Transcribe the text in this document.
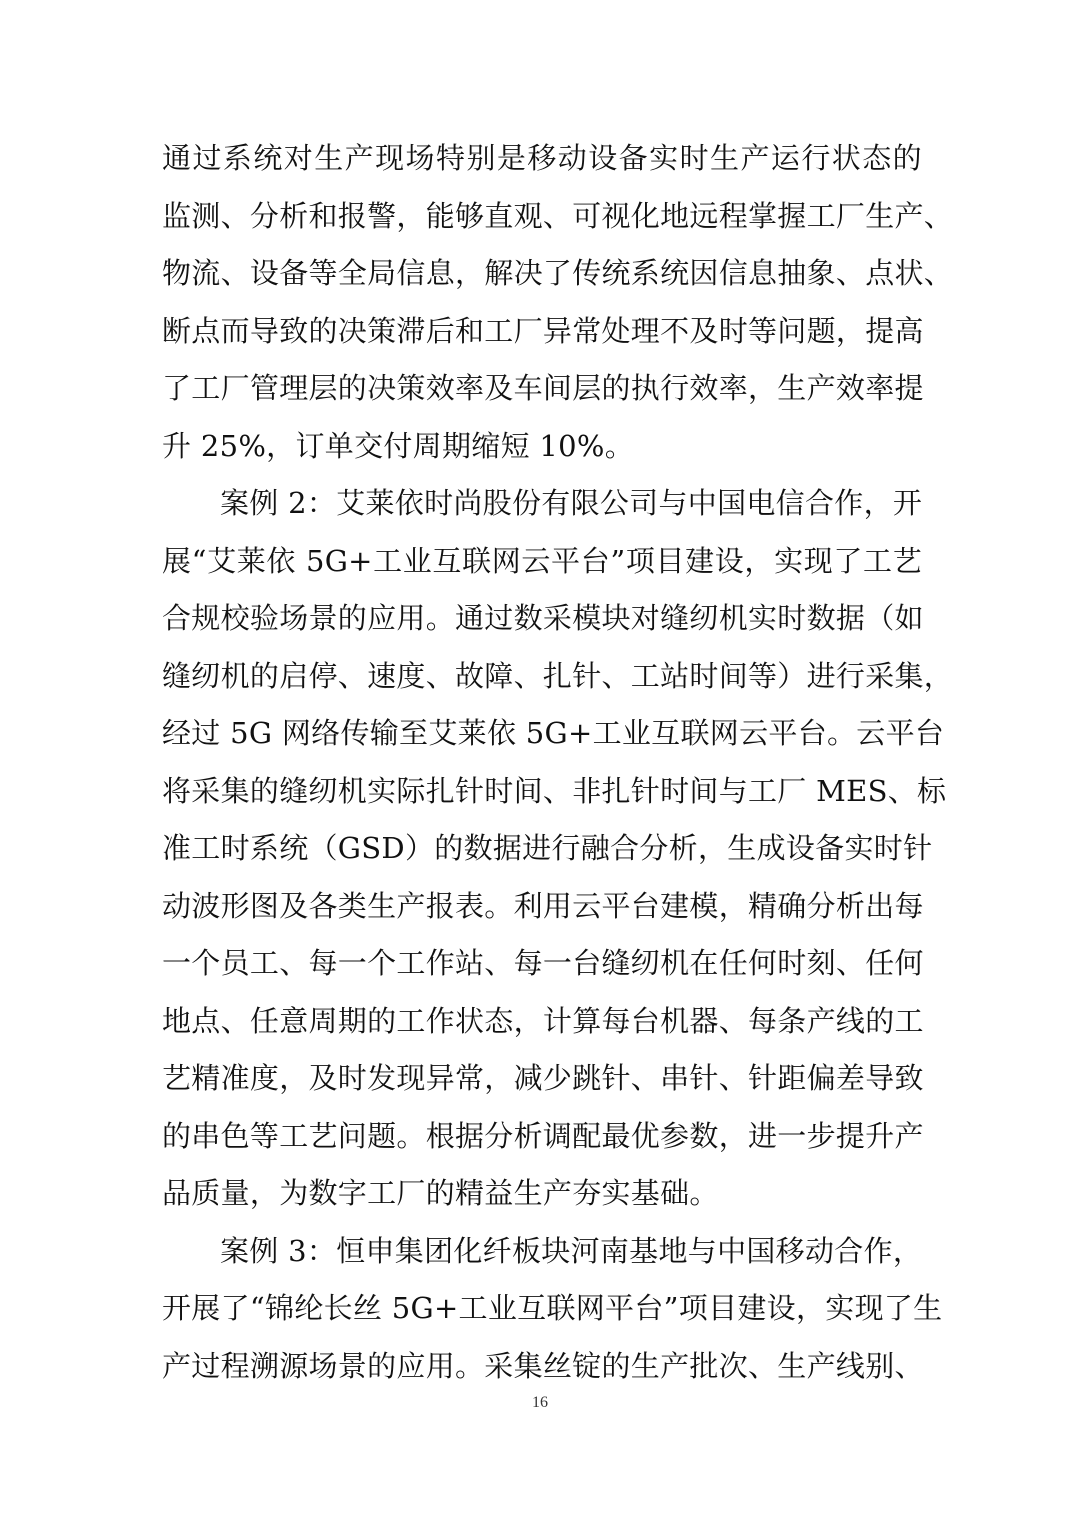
通过系统对生产现场特别是移动设备实时生产运行状态的
监测、分析和报警，能够直观、可视化地远程掌握工厂生产、
物流、设备等全局信息，解决了传统系统因信息抽象、点状、
断点而导致的决策滞后和工厂异常处理不及时等问题，提高
了工厂管理层的决策效率及车间层的执行效率，生产效率提
升 25%，订单交付周期缩短 10%。
案例 2：艾莱依时尚股份有限公司与中国电信合作，开
展“艾莱依 5G+工业互联网云平台”项目建设，实现了工艺
合规校验场景的应用。通过数采模块对缝纫机实时数据（如
缝纫机的启停、速度、故障、扎针、工站时间等）进行采集，
经过 5G 网络传输至艾莱依 5G+工业互联网云平台。云平台
将采集的缝纫机实际扎针时间、非扎针时间与工厂 MES、标
准工时系统（GSD）的数据进行融合分析，生成设备实时针
动波形图及各类生产报表。利用云平台建模，精确分析出每
一个员工、每一个工作站、每一台缝纫机在任何时刻、任何
地点、任意周期的工作状态，计算每台机器、每条产线的工
艺精准度，及时发现异常，减少跳针、串针、针距偏差导致
的串色等工艺问题。根据分析调配最优参数，进一步提升产
品质量，为数字工厂的精益生产夯实基础。
案例 3：恒申集团化纤板块河南基地与中国移动合作，
开展了“锦纶长丝 5G+工业互联网平台”项目建设，实现了生
产过程溯源场景的应用。采集丝锭的生产批次、生产线别、
16
